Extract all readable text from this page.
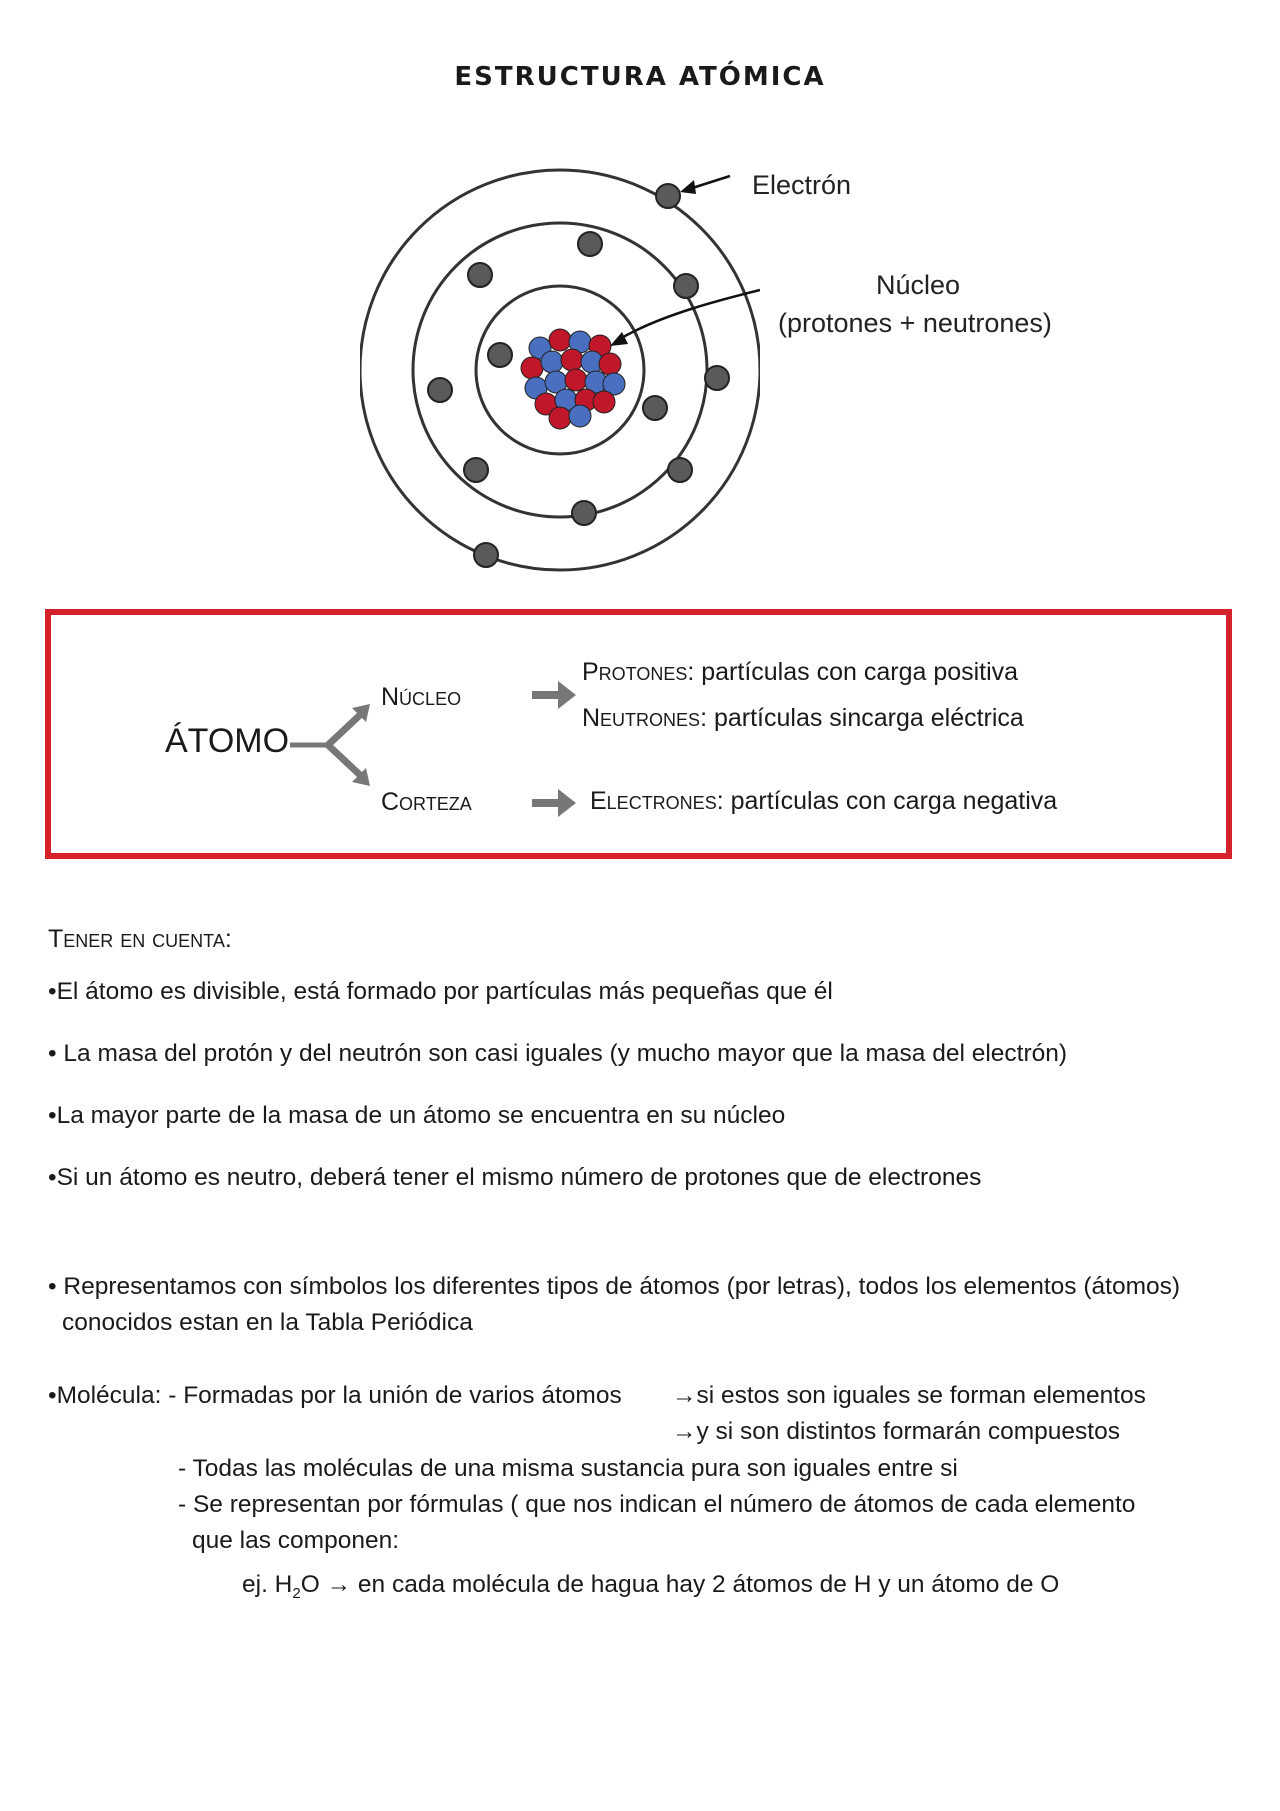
ESTRUCTURA ATÓMICA
Electrón
Núcleo
(protones + neutrones)
ÁTOMO
Núcleo
Corteza
Protones: partículas con carga positiva
Neutrones: partículas sincarga eléctrica
Electrones: partículas con carga negativa
Tener en cuenta:
•El átomo es divisible, está formado por partículas más pequeñas que él
• La masa del protón y del neutrón son casi iguales (y mucho mayor que la masa del electrón)
•La mayor parte de la masa de un átomo se encuentra en su núcleo
•Si un átomo es neutro, deberá tener el mismo número de protones que de electrones
• Representamos con símbolos los diferentes tipos de átomos (por letras), todos los elementos (átomos)
conocidos estan en la Tabla Periódica
•Molécula: - Formadas por la unión de varios átomos →si estos son iguales se forman elementos
→y si son distintos formarán compuestos
- Todas las moléculas de una misma sustancia pura son iguales entre si
- Se representan por fórmulas ( que nos indican el número de átomos de cada elemento
que las componen:
ej. $H_2O$ → en cada molécula de hagua hay 2 átomos de H y un átomo de O
